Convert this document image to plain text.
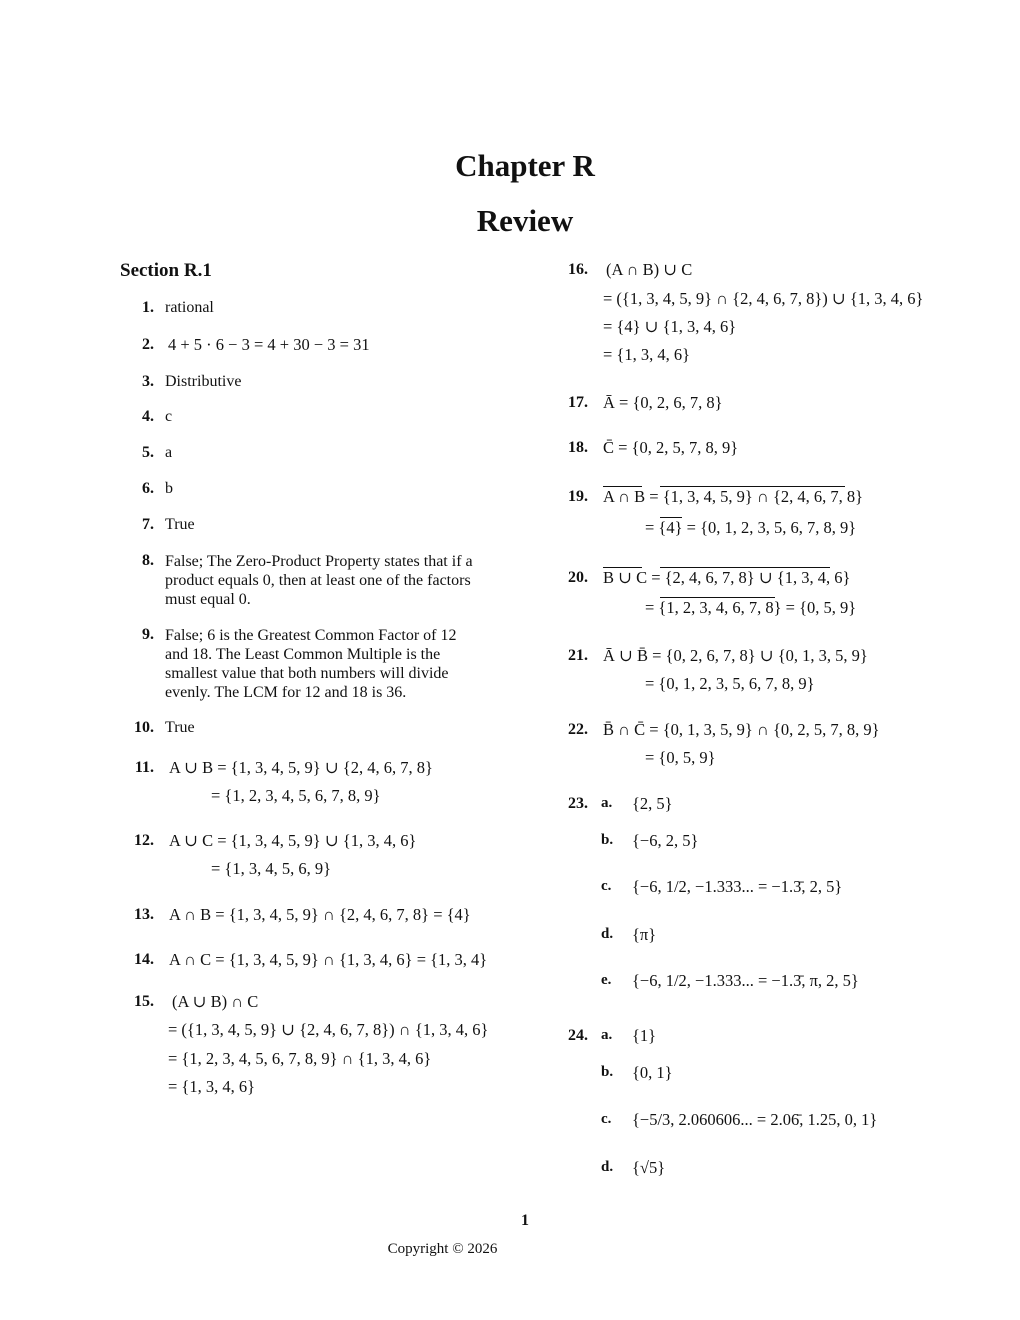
Chapter R
Review
Section R.1
1. rational
2. 4 + 5 · 6 − 3 = 4 + 30 − 3 = 31
3. Distributive
4. c
5. a
6. b
7. True
8. False; The Zero-Product Property states that if a product equals 0, then at least one of the factors must equal 0.
9. False; 6 is the Greatest Common Factor of 12 and 18. The Least Common Multiple is the smallest value that both numbers will divide evenly. The LCM for 12 and 18 is 36.
10. True
11. A ∪ B = {1, 3, 4, 5, 9} ∪ {2, 4, 6, 7, 8}
= {1, 2, 3, 4, 5, 6, 7, 8, 9}
12. A ∪ C = {1, 3, 4, 5, 9} ∪ {1, 3, 4, 6}
= {1, 3, 4, 5, 6, 9}
13. A ∩ B = {1, 3, 4, 5, 9} ∩ {2, 4, 6, 7, 8} = {4}
14. A ∩ C = {1, 3, 4, 5, 9} ∩ {1, 3, 4, 6} = {1, 3, 4}
15. (A ∪ B) ∩ C
= ({1, 3, 4, 5, 9} ∪ {2, 4, 6, 7, 8}) ∩ {1, 3, 4, 6}
= {1, 2, 3, 4, 5, 6, 7, 8, 9} ∩ {1, 3, 4, 6}
= {1, 3, 4, 6}
16. (A ∩ B) ∪ C
= ({1, 3, 4, 5, 9} ∩ {2, 4, 6, 7, 8}) ∪ {1, 3, 4, 6}
= {4} ∪ {1, 3, 4, 6}
= {1, 3, 4, 6}
17. Ā = {0, 2, 6, 7, 8}
18. C̄ = {0, 2, 5, 7, 8, 9}
19. A ∩ B = {1, 3, 4, 5, 9} ∩ {2, 4, 6, 7, 8}
= {4} = {0, 1, 2, 3, 5, 6, 7, 8, 9}
20. B ∪ C = {2, 4, 6, 7, 8} ∪ {1, 3, 4, 6}
= {1, 2, 3, 4, 6, 7, 8} = {0, 5, 9}
21. Ā ∪ B̄ = {0, 2, 6, 7, 8} ∪ {0, 1, 3, 5, 9}
= {0, 1, 2, 3, 5, 6, 7, 8, 9}
22. B̄ ∩ C̄ = {0, 1, 3, 5, 9} ∩ {0, 2, 5, 7, 8, 9}
= {0, 5, 9}
23. a. {2, 5}
b. {−6, 2, 5}
c. {−6, 1/2, −1.333... = −1.3̄, 2, 5}
d. {π}
e. {−6, 1/2, −1.333... = −1.3̄, π, 2, 5}
24. a. {1}
b. {0, 1}
c. {−5/3, 2.060606... = 2.06̄, 1.25, 0, 1}
d. {√5}
1
Copyright © 2026
